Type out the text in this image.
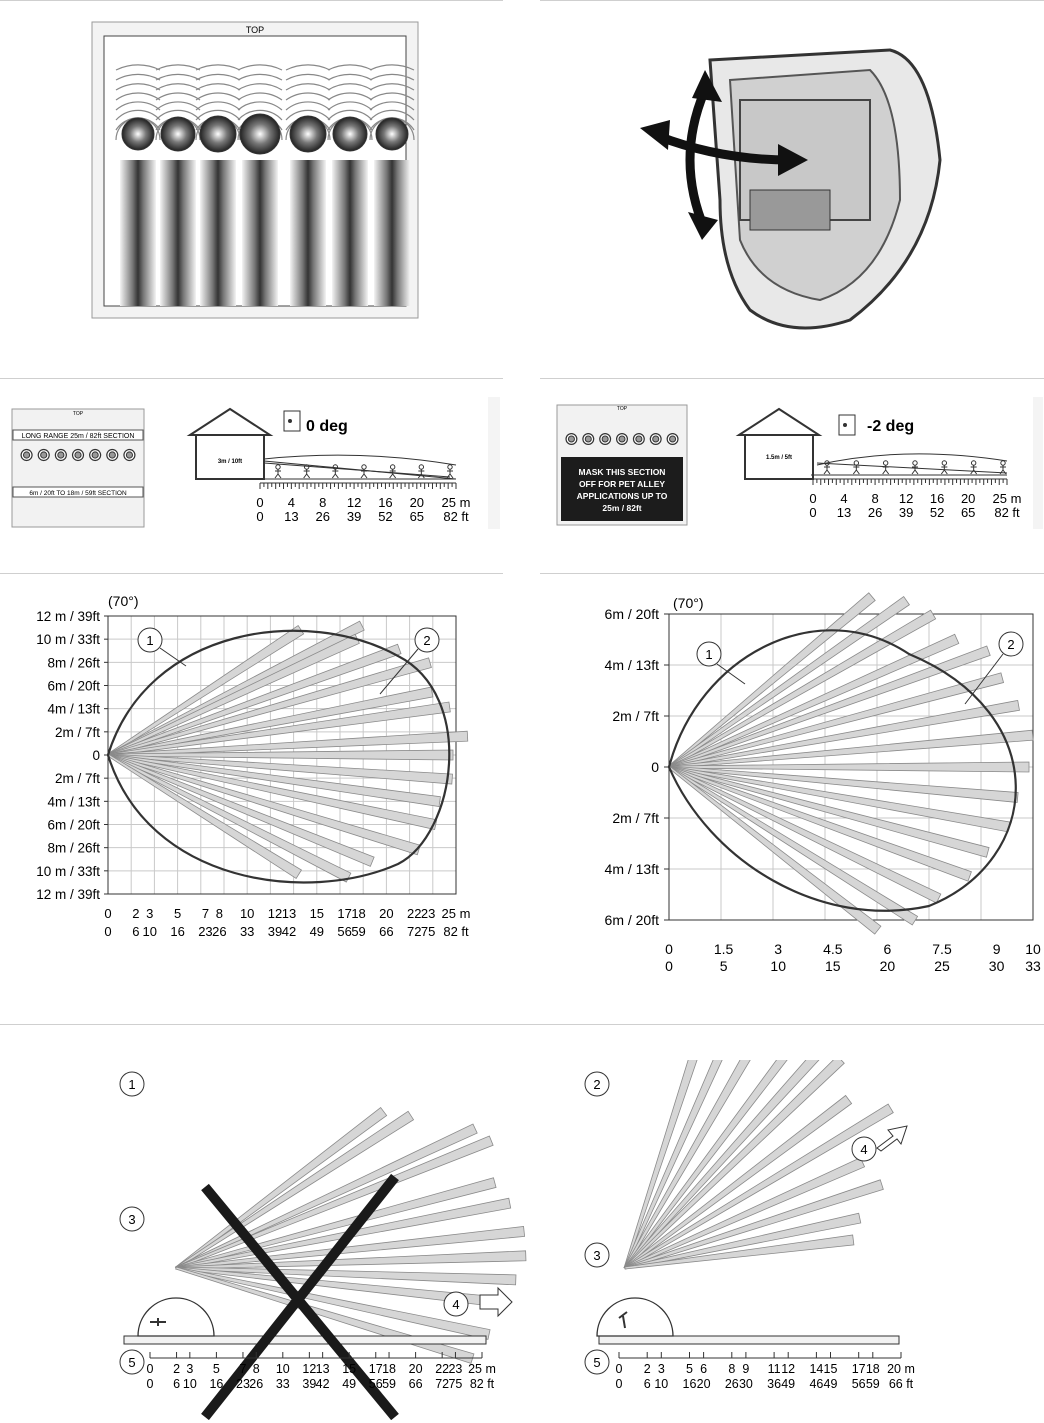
TOP
TOP
LONG RANGE 25m / 82ft SECTION
6m / 20ft TO 18m / 59ft SECTION
3m / 10ft
0 deg
0
0
4
13
8
26
12
39
16
52
20
65
25 m
82 ft
TOP
MASK THIS SECTION
OFF FOR PET ALLEY
APPLICATIONS UP TO
25m / 82ft
1.5m / 5ft
-2 deg
0
0
4
13
8
26
12
39
16
52
20
65
25 m
82 ft
(70°)
12 m / 39ft
10 m / 33ft
8m / 26ft
6m / 20ft
4m / 13ft
2m / 7ft
0
2m / 7ft
4m / 13ft
6m / 20ft
8m / 26ft
10 m / 33ft
12 m / 39ft
0
0
2
6
3
10
5
16
7
23
8
26
10
33
12
39
13
42
15
49
17
56
18
59
20
66
22
72
23
75
25 m
82 ft
1	2
(70°)
6m / 20ft
4m / 13ft
2m / 7ft
0
2m / 7ft
4m / 13ft
6m / 20ft
0
0
1.5
5
3
10
4.5
15
6
20
7.5
25
9
30
10
33
1
2
1
3
4
5 0
0
2
6
3
10
5
16
7
23
8
26
10
33
12
39
13
42
15
49
17
56
18
59
20
66
22
72
23
75
25 m
82 ft
2
3
4
5 0
0
2
6
3
10
5
16
6
20
8
26
9
30
11
36
12
49
14
46
15
49
17
56
18
59
20 m
66 ft
